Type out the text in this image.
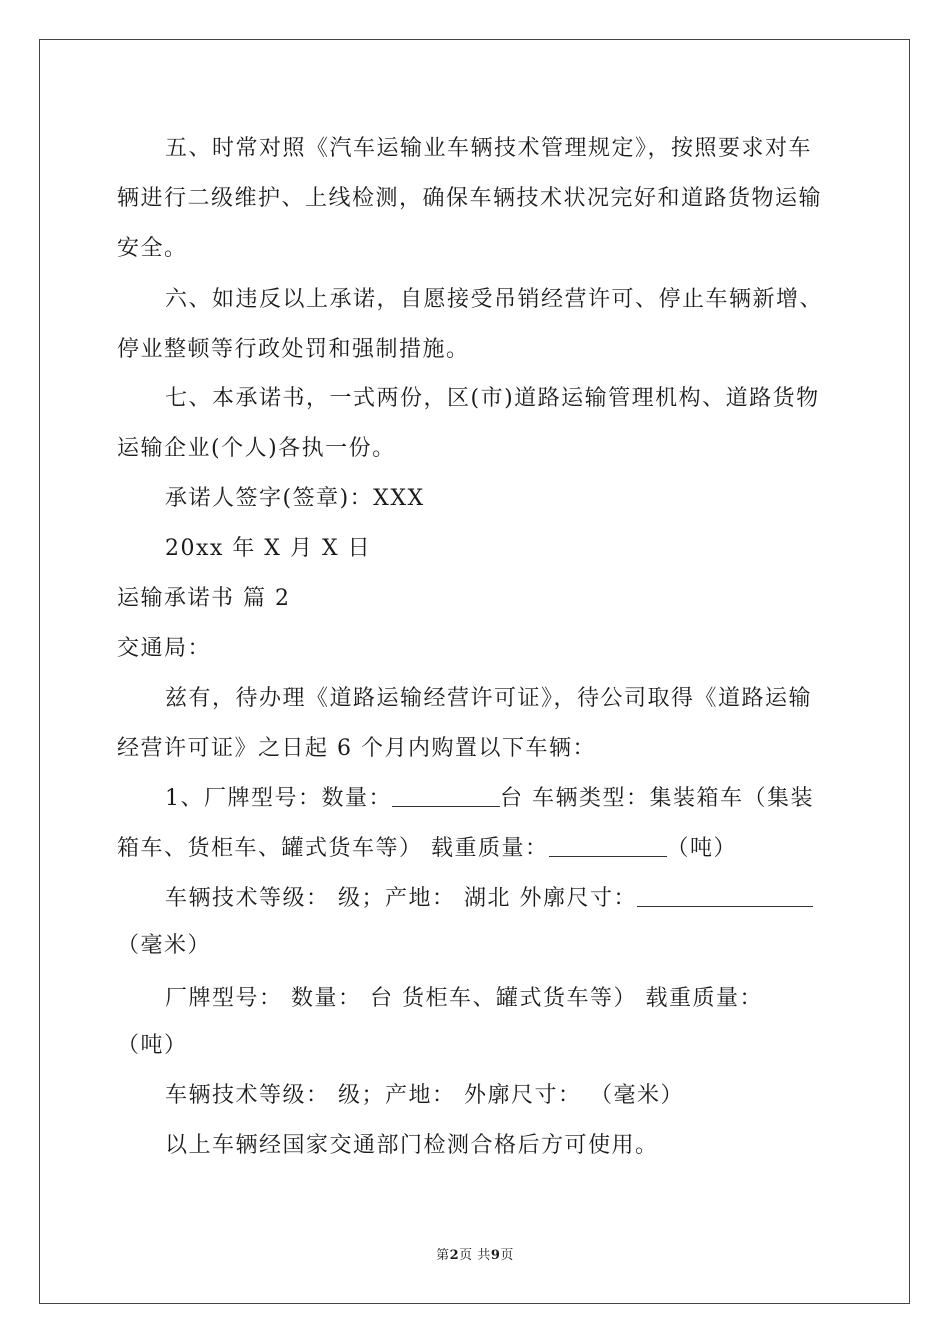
五、时常对照《汽车运输业车辆技术管理规定》，按照要求对车
辆进行二级维护、上线检测，确保车辆技术状况完好和道路货物运输
安全。
六、如违反以上承诺，自愿接受吊销经营许可、停止车辆新增、
停业整顿等行政处罚和强制措施。
七、本承诺书，一式两份，区(市)道路运输管理机构、道路货物
运输企业(个人)各执一份。
承诺人签字(签章)：XXX
20xx 年 X 月 X 日
运输承诺书 篇 2
交通局：
兹有，待办理《道路运输经营许可证》，待公司取得《道路运输
经营许可证》之日起 6 个月内购置以下车辆：
1、厂牌型号：数量：	台 车辆类型：集装箱车（集装
箱车、货柜车、罐式货车等） 载重质量：	（吨）
车辆技术等级： 级；产地： 湖北 外廓尺寸：
（毫米）
厂牌型号： 数量： 台 货柜车、罐式货车等） 载重质量：
（吨）
车辆技术等级： 级；产地： 外廓尺寸： （毫米）
以上车辆经国家交通部门检测合格后方可使用。
第2页 共9页
